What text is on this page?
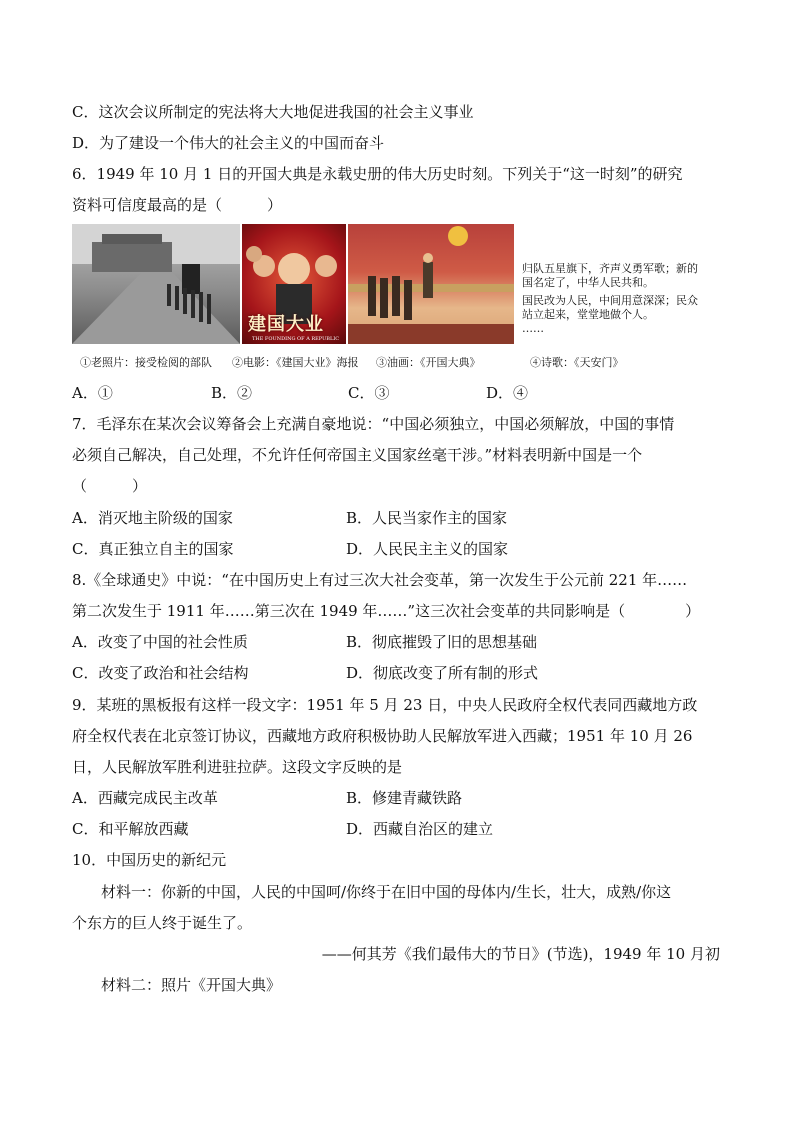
C．这次会议所制定的宪法将大大地促进我国的社会主义事业
D．为了建设一个伟大的社会主义的中国而奋斗
6．1949 年 10 月 1 日的开国大典是永载史册的伟大历史时刻。下列关于“这一时刻”的研究
资料可信度最高的是（　　　）
建国大业
THE FOUNDING OF A REPUBLIC
归队五星旗下，齐声义勇军歌；新的
国名定了，中华人民共和。
国民改为人民，中间用意深深；民众
站立起来，堂堂地做个人。
……
①老照片：接受检阅的部队 ②电影：《建国大业》海报 ③油画：《开国大典》	④诗歌：《天安门》
A．①	B．②	C．③	D．④
7．毛泽东在某次会议筹备会上充满自豪地说：“中国必须独立，中国必须解放，中国的事情
必须自己解决，自己处理，不允许任何帝国主义国家丝毫干涉。”材料表明新中国是一个
（　　　）
A．消灭地主阶级的国家	B．人民当家作主的国家
C．真正独立自主的国家	D．人民民主主义的国家
8.《全球通史》中说：“在中国历史上有过三次大社会变革，第一次发生于公元前 221 年……
第二次发生于 1911 年……第三次在 1949 年……”这三次社会变革的共同影响是（　　　　）
A．改变了中国的社会性质	B．彻底摧毁了旧的思想基础
C．改变了政治和社会结构	D．彻底改变了所有制的形式
9．某班的黑板报有这样一段文字：1951 年 5 月 23 日，中央人民政府全权代表同西藏地方政
府全权代表在北京签订协议，西藏地方政府积极协助人民解放军进入西藏；1951 年 10 月 26
日，人民解放军胜利进驻拉萨。这段文字反映的是
A．西藏完成民主改革	B．修建青藏铁路
C．和平解放西藏	D．西藏自治区的建立
10．中国历史的新纪元
材料一：你新的中国，人民的中国呵/你终于在旧中国的母体内/生长，壮大，成熟/你这
个东方的巨人终于诞生了。
——何其芳《我们最伟大的节日》(节选)，1949 年 10 月初
材料二：照片《开国大典》
